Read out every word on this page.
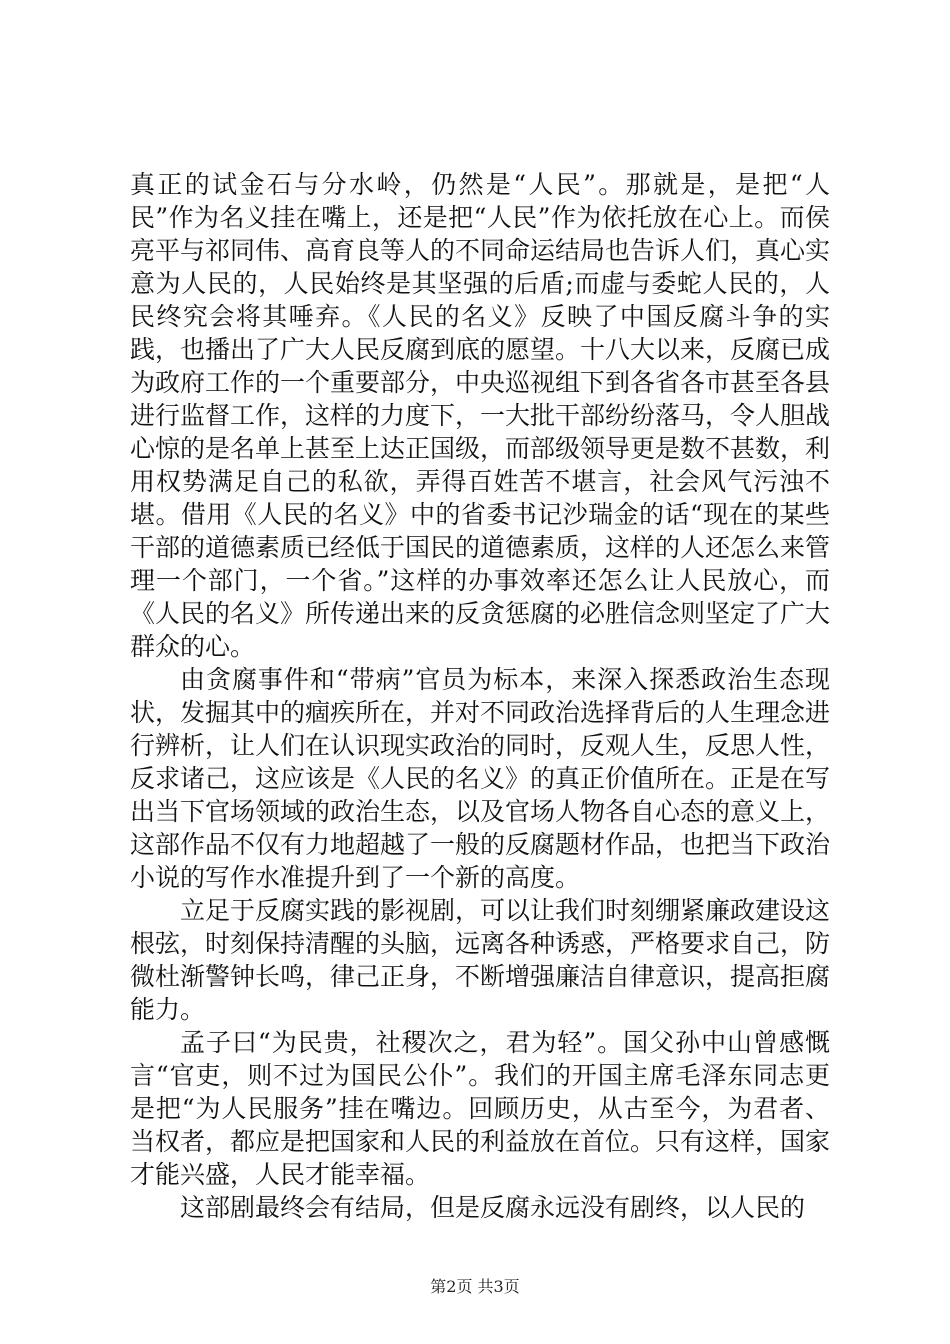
真正的试金石与分水岭，仍然是“人民”。那就是，是把“人民”作为名义挂在嘴上，还是把“人民”作为依托放在心上。而侯亮平与祁同伟、高育良等人的不同命运结局也告诉人们，真心实意为人民的，人民始终是其坚强的后盾;而虚与委蛇人民的，人民终究会将其唾弃。《人民的名义》反映了中国反腐斗争的实践，也播出了广大人民反腐到底的愿望。十八大以来，反腐已成为政府工作的一个重要部分，中央巡视组下到各省各市甚至各县进行监督工作，这样的力度下，一大批干部纷纷落马，令人胆战心惊的是名单上甚至上达正国级，而部级领导更是数不甚数，利用权势满足自己的私欲，弄得百姓苦不堪言，社会风气污浊不堪。借用《人民的名义》中的省委书记沙瑞金的话“现在的某些干部的道德素质已经低于国民的道德素质，这样的人还怎么来管理一个部门，一个省。”这样的办事效率还怎么让人民放心，而《人民的名义》所传递出来的反贪惩腐的必胜信念则坚定了广大群众的心。

由贪腐事件和“带病”官员为标本，来深入探悉政治生态现状，发掘其中的痼疾所在，并对不同政治选择背后的人生理念进行辨析，让人们在认识现实政治的同时，反观人生，反思人性，反求诸己，这应该是《人民的名义》的真正价值所在。正是在写出当下官场领域的政治生态，以及官场人物各自心态的意义上，这部作品不仅有力地超越了一般的反腐题材作品，也把当下政治小说的写作水准提升到了一个新的高度。

立足于反腐实践的影视剧，可以让我们时刻绷紧廉政建设这根弦，时刻保持清醒的头脑，远离各种诱惑，严格要求自己，防微杜渐警钟长鸣，律己正身，不断增强廉洁自律意识，提高拒腐能力。

孟子曰“为民贵，社稷次之，君为轻”。国父孙中山曾感慨言“官吏，则不过为国民公仆”。我们的开国主席毛泽东同志更是把“为人民服务”挂在嘴边。回顾历史，从古至今，为君者、当权者，都应是把国家和人民的利益放在首位。只有这样，国家才能兴盛，人民才能幸福。

这部剧最终会有结局，但是反腐永远没有剧终，以人民的

第2页 共3页
